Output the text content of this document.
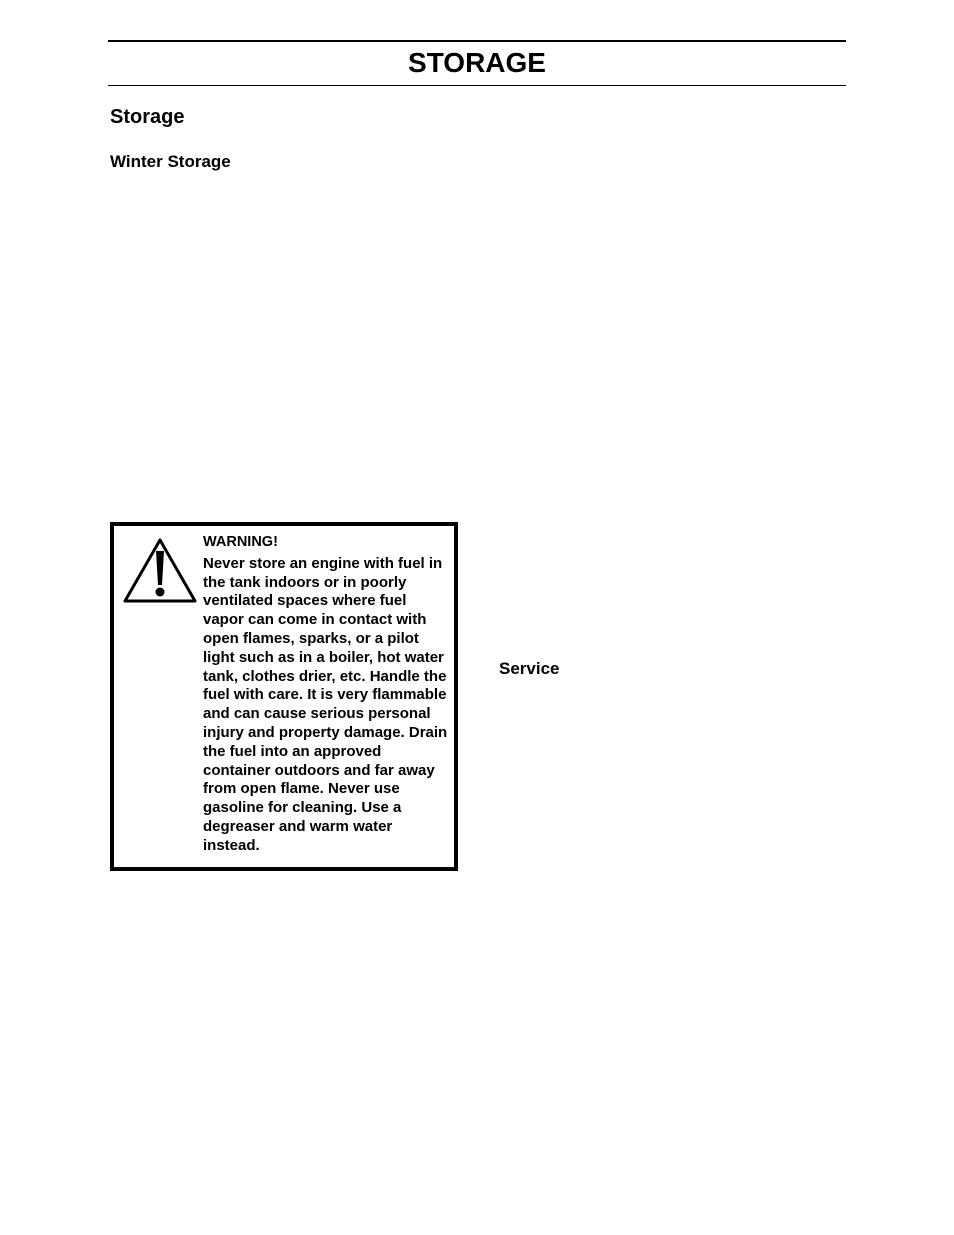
STORAGE
Storage
Winter Storage
WARNING!
Never store an engine with fuel in the tank indoors or in poorly ventilated spaces where fuel vapor can come in contact with open flames, sparks, or a pilot light such as in a boiler, hot water tank, clothes drier, etc. Handle the fuel with care. It is very flammable and can cause serious personal injury and property damage. Drain the fuel into an approved container outdoors and far away from open flame. Never use gasoline for cleaning. Use a degreaser and warm water instead.
Service
